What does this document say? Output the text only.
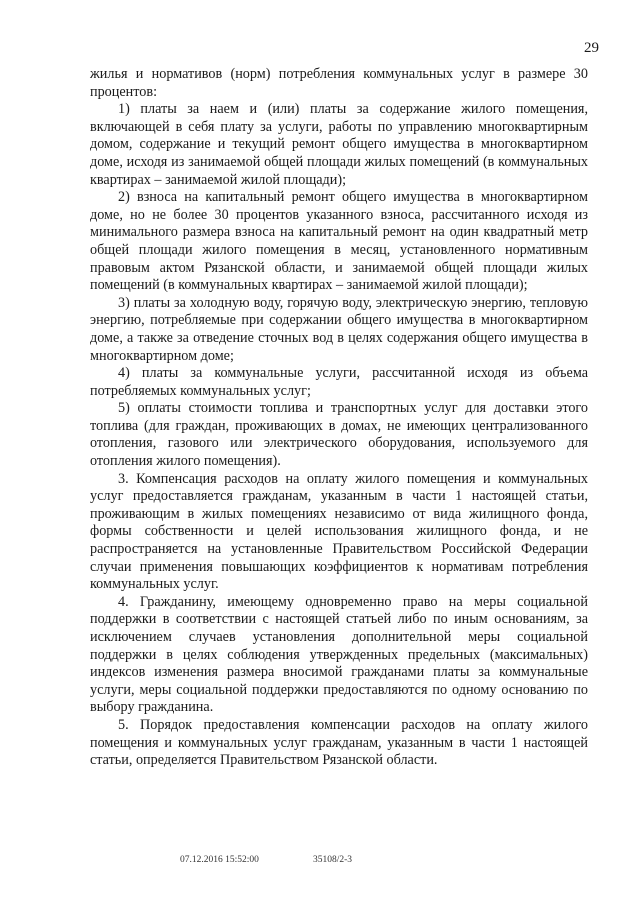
29

жилья и нормативов (норм) потребления коммунальных услуг в размере 30 процентов:

1) платы за наем и (или) платы за содержание жилого помещения, включающей в себя плату за услуги, работы по управлению многоквартирным домом, содержание и текущий ремонт общего имущества в многоквартирном доме, исходя из занимаемой общей площади жилых помещений (в коммунальных квартирах – занимаемой жилой площади);

2) взноса на капитальный ремонт общего имущества в многоквартирном доме, но не более 30 процентов указанного взноса, рассчитанного исходя из минимального размера взноса на капитальный ремонт на один квадратный метр общей площади жилого помещения в месяц, установленного нормативным правовым актом Рязанской области, и занимаемой общей площади жилых помещений (в коммунальных квартирах – занимаемой жилой площади);

3) платы за холодную воду, горячую воду, электрическую энергию, тепловую энергию, потребляемые при содержании общего имущества в многоквартирном доме, а также за отведение сточных вод в целях содержания общего имущества в многоквартирном доме;

4) платы за коммунальные услуги, рассчитанной исходя из объема потребляемых коммунальных услуг;

5) оплаты стоимости топлива и транспортных услуг для доставки этого топлива (для граждан, проживающих в домах, не имеющих централизованного отопления, газового или электрического оборудования, используемого для отопления жилого помещения).

3. Компенсация расходов на оплату жилого помещения и коммунальных услуг предоставляется гражданам, указанным в части 1 настоящей статьи, проживающим в жилых помещениях независимо от вида жилищного фонда, формы собственности и целей использования жилищного фонда, и не распространяется на установленные Правительством Российской Федерации случаи применения повышающих коэффициентов к нормативам потребления коммунальных услуг.

4. Гражданину, имеющему одновременно право на меры социальной поддержки в соответствии с настоящей статьей либо по иным основаниям, за исключением случаев установления дополнительной меры социальной поддержки в целях соблюдения утвержденных предельных (максимальных) индексов изменения размера вносимой гражданами платы за коммунальные услуги, меры социальной поддержки предоставляются по одному основанию по выбору гражданина.

5. Порядок предоставления компенсации расходов на оплату жилого помещения и коммунальных услуг гражданам, указанным в части 1 настоящей статьи, определяется Правительством Рязанской области.

07.12.2016 15:52:00	35108/2-3
